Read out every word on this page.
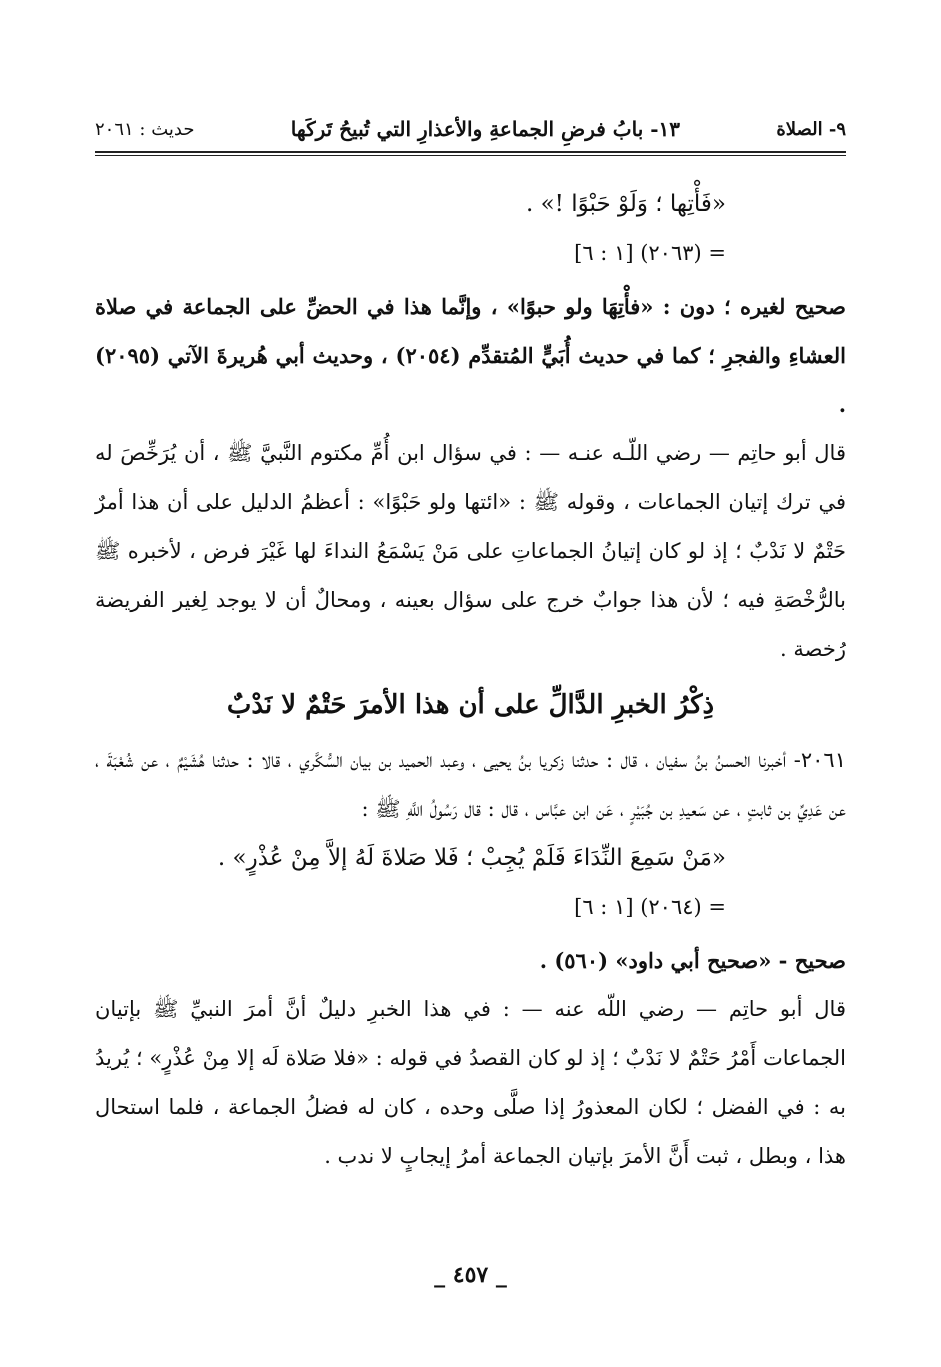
٩- الصلاة
١٣- بابُ فرضِ الجماعةِ والأعذارِ التي تُبيحُ تَركَها
حديث : ٢٠٦١

«فَأْتِها ؛ وَلَوْ حَبْوًا !» .

= (٢٠٦٣) [١ : ٦]

صحيح لغيره ؛ دون : «فأْتِهَا ولو حبوًا» ، وإنَّما هذا في الحضِّ على الجماعة في صلاة العشاءِ والفجرِ ؛ كما في حديث أُبَيٍّ المُتقدِّم (٢٠٥٤) ، وحديث أبي هُريرةَ الآتي (٢٠٩٥) .

قال أبو حاتِم — رضي اللّـه عنـه — : في سؤال ابن أُمِّ مكتوم النَّبيَّ ﷺ ، أن يُرَخِّصَ له في ترك إتيان الجماعات ، وقوله ﷺ : «ائتها ولو حَبْوًا» : أعظمُ الدليل على أن هذا أمرٌ حَتْمٌ لا نَدْبٌ ؛ إذ لو كان إتيانُ الجماعاتِ على مَنْ يَسْمَعُ النداءَ لها غَيْرَ فرض ، لأخبره ﷺ بالرُّخْصَةِ فيه ؛ لأن هذا جوابٌ خرج على سؤال بعينه ، ومحالٌ أن لا يوجد لِغير الفريضة رُخصة .

ذِكْرُ الخبرِ الدَّالِّ على أن هذا الأمرَ حَتْمٌ لا نَدْبٌ

٢٠٦١- أخبرنا الحسنُ بنُ سفيان ، قال : حدثنا زكريا بنُ يحيى ، وعبد الحميد بن بيان السُّكَّري ، قالا : حدثنا هُشَيْمٌ ، عن شُعْبَةَ ، عن عَدِيِّ بن ثابتٍ ، عن سَعيدِ بن جُبَيْرٍ ، عَن ابن عبَّاس ، قال : قال رَسُولُ اللَّهِ ﷺ :

«مَنْ سَمِعَ النِّدَاءَ فَلَمْ يُجِبْ ؛ فَلا صَلاةَ لَهُ إلاَّ مِنْ عُذْرٍ» .

= (٢٠٦٤) [١ : ٦]

صحيح - «صحيح أبي داود» (٥٦٠) .

قال أبو حاتِم — رضي اللّه عنه — : في هذا الخبرِ دليلٌ أنَّ أمرَ النبيِّ ﷺ بإتيان الجماعات أَمْرُ حَتْمٌ لا نَدْبٌ ؛ إذ لو كان القصدُ في قوله : «فلا صَلاة لَه إلا مِنْ عُذْرٍ» ؛ يُريدُ به : في الفضل ؛ لكان المعذورُ إذا صلَّى وحده ، كان له فضلُ الجماعة ، فلما استحال هذا ، وبطل ، ثبت أَنَّ الأمرَ بإتيان الجماعة أمرُ إيجابٍ لا ندب .

_ ٤٥٧ _
